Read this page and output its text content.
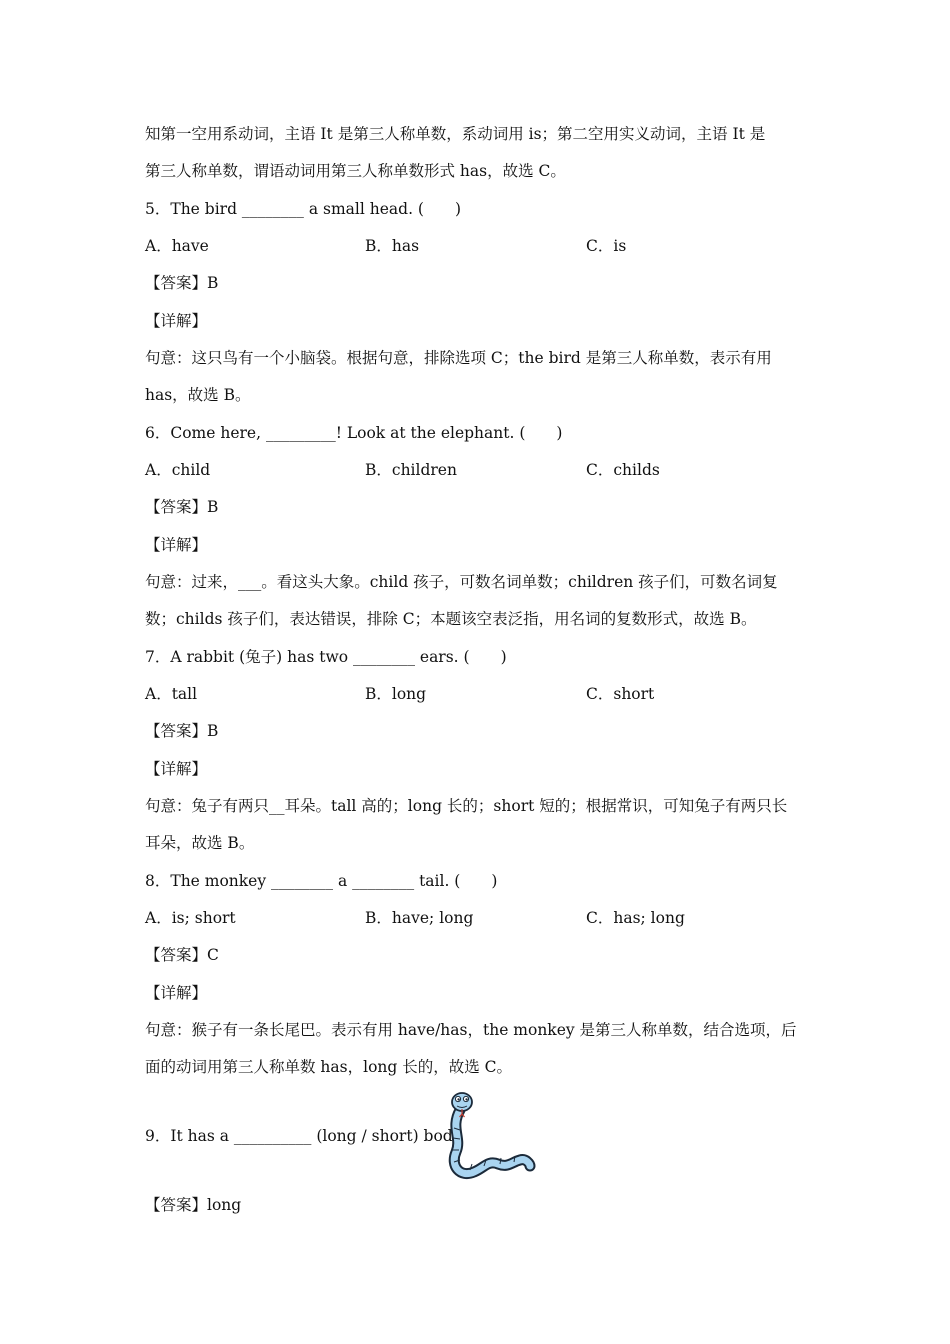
知第一空用系动词，主语 It 是第三人称单数，系动词用 is；第二空用实义动词，主语 It 是
第三人称单数，谓语动词用第三人称单数形式 has，故选 C。
5．The bird ________ a small head. (　　)
A．have	B．has	C．is
【答案】B
【详解】
句意：这只鸟有一个小脑袋。根据句意，排除选项 C；the bird 是第三人称单数，表示有用
has，故选 B。
6．Come here, _________! Look at the elephant. (　　)
A．child	B．children	C．childs
【答案】B
【详解】
句意：过来，___。看这头大象。child 孩子，可数名词单数；children 孩子们，可数名词复
数；childs 孩子们，表达错误，排除 C；本题该空表泛指，用名词的复数形式，故选 B。
7．A rabbit (兔子) has two ________ ears. (　　)
A．tall	B．long	C．short
【答案】B
【详解】
句意：兔子有两只__耳朵。tall 高的；long 长的；short 短的；根据常识，可知兔子有两只长
耳朵，故选 B。
8．The monkey ________ a ________ tail. (　　)
A．is; short	B．have; long	C．has; long
【答案】C
【详解】
句意：猴子有一条长尾巴。表示有用 have/has，the monkey 是第三人称单数，结合选项，后
面的动词用第三人称单数 has，long 长的，故选 C。
9．It has a __________ (long / short) body.
【答案】long
